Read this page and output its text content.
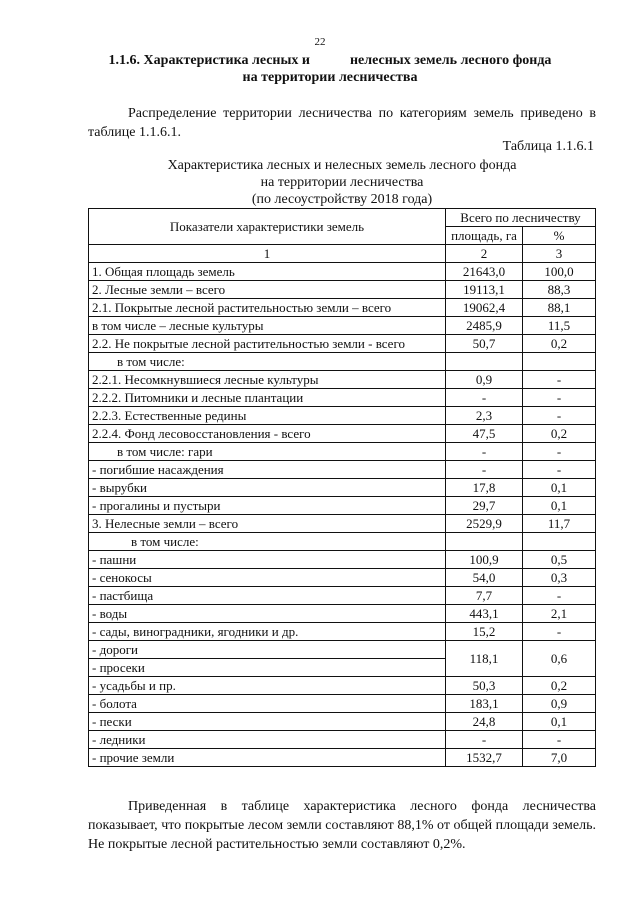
22
1.1.6. Характеристика лесных и	нелесных земель лесного фонда
на территории лесничества
Распределение территории лесничества по категориям земель приведено в таблице 1.1.6.1.
Таблица 1.1.6.1
Характеристика лесных и нелесных земель лесного фонда
на территории лесничества
(по лесоустройству 2018 года)
Показатели характеристики земель	Всего по лесничеству	
	площадь, га	%
1	2	3
1. Общая площадь земель	21643,0	100,0
2. Лесные земли – всего	19113,1	88,3
2.1. Покрытые лесной растительностью земли – всего	19062,4	88,1
в том числе – лесные культуры	2485,9	11,5
2.2. Не покрытые лесной растительностью земли - всего	50,7	0,2
в том числе:		
2.2.1. Несомкнувшиеся лесные культуры	0,9	-
2.2.2. Питомники и лесные плантации	-	-
2.2.3. Естественные редины	2,3	-
2.2.4. Фонд лесовосстановления - всего	47,5	0,2
в том числе: гари	-	-
- погибшие насаждения	-	-
- вырубки	17,8	0,1
- прогалины и пустыри	29,7	0,1
3. Нелесные земли – всего	2529,9	11,7
в том числе:		
- пашни	100,9	0,5
- сенокосы	54,0	0,3
- пастбища	7,7	-
- воды	443,1	2,1
- сады, виноградники, ягодники и др.	15,2	-
- дороги	118,1	0,6
- просеки		
- усадьбы и пр.	50,3	0,2
- болота	183,1	0,9
- пески	24,8	0,1
- ледники	-	-
- прочие земли	1532,7	7,0
Приведенная в таблице характеристика лесного фонда лесничества показывает, что покрытые лесом земли составляют 88,1% от общей площади земель. Не покрытые лесной растительностью земли составляют 0,2%.
